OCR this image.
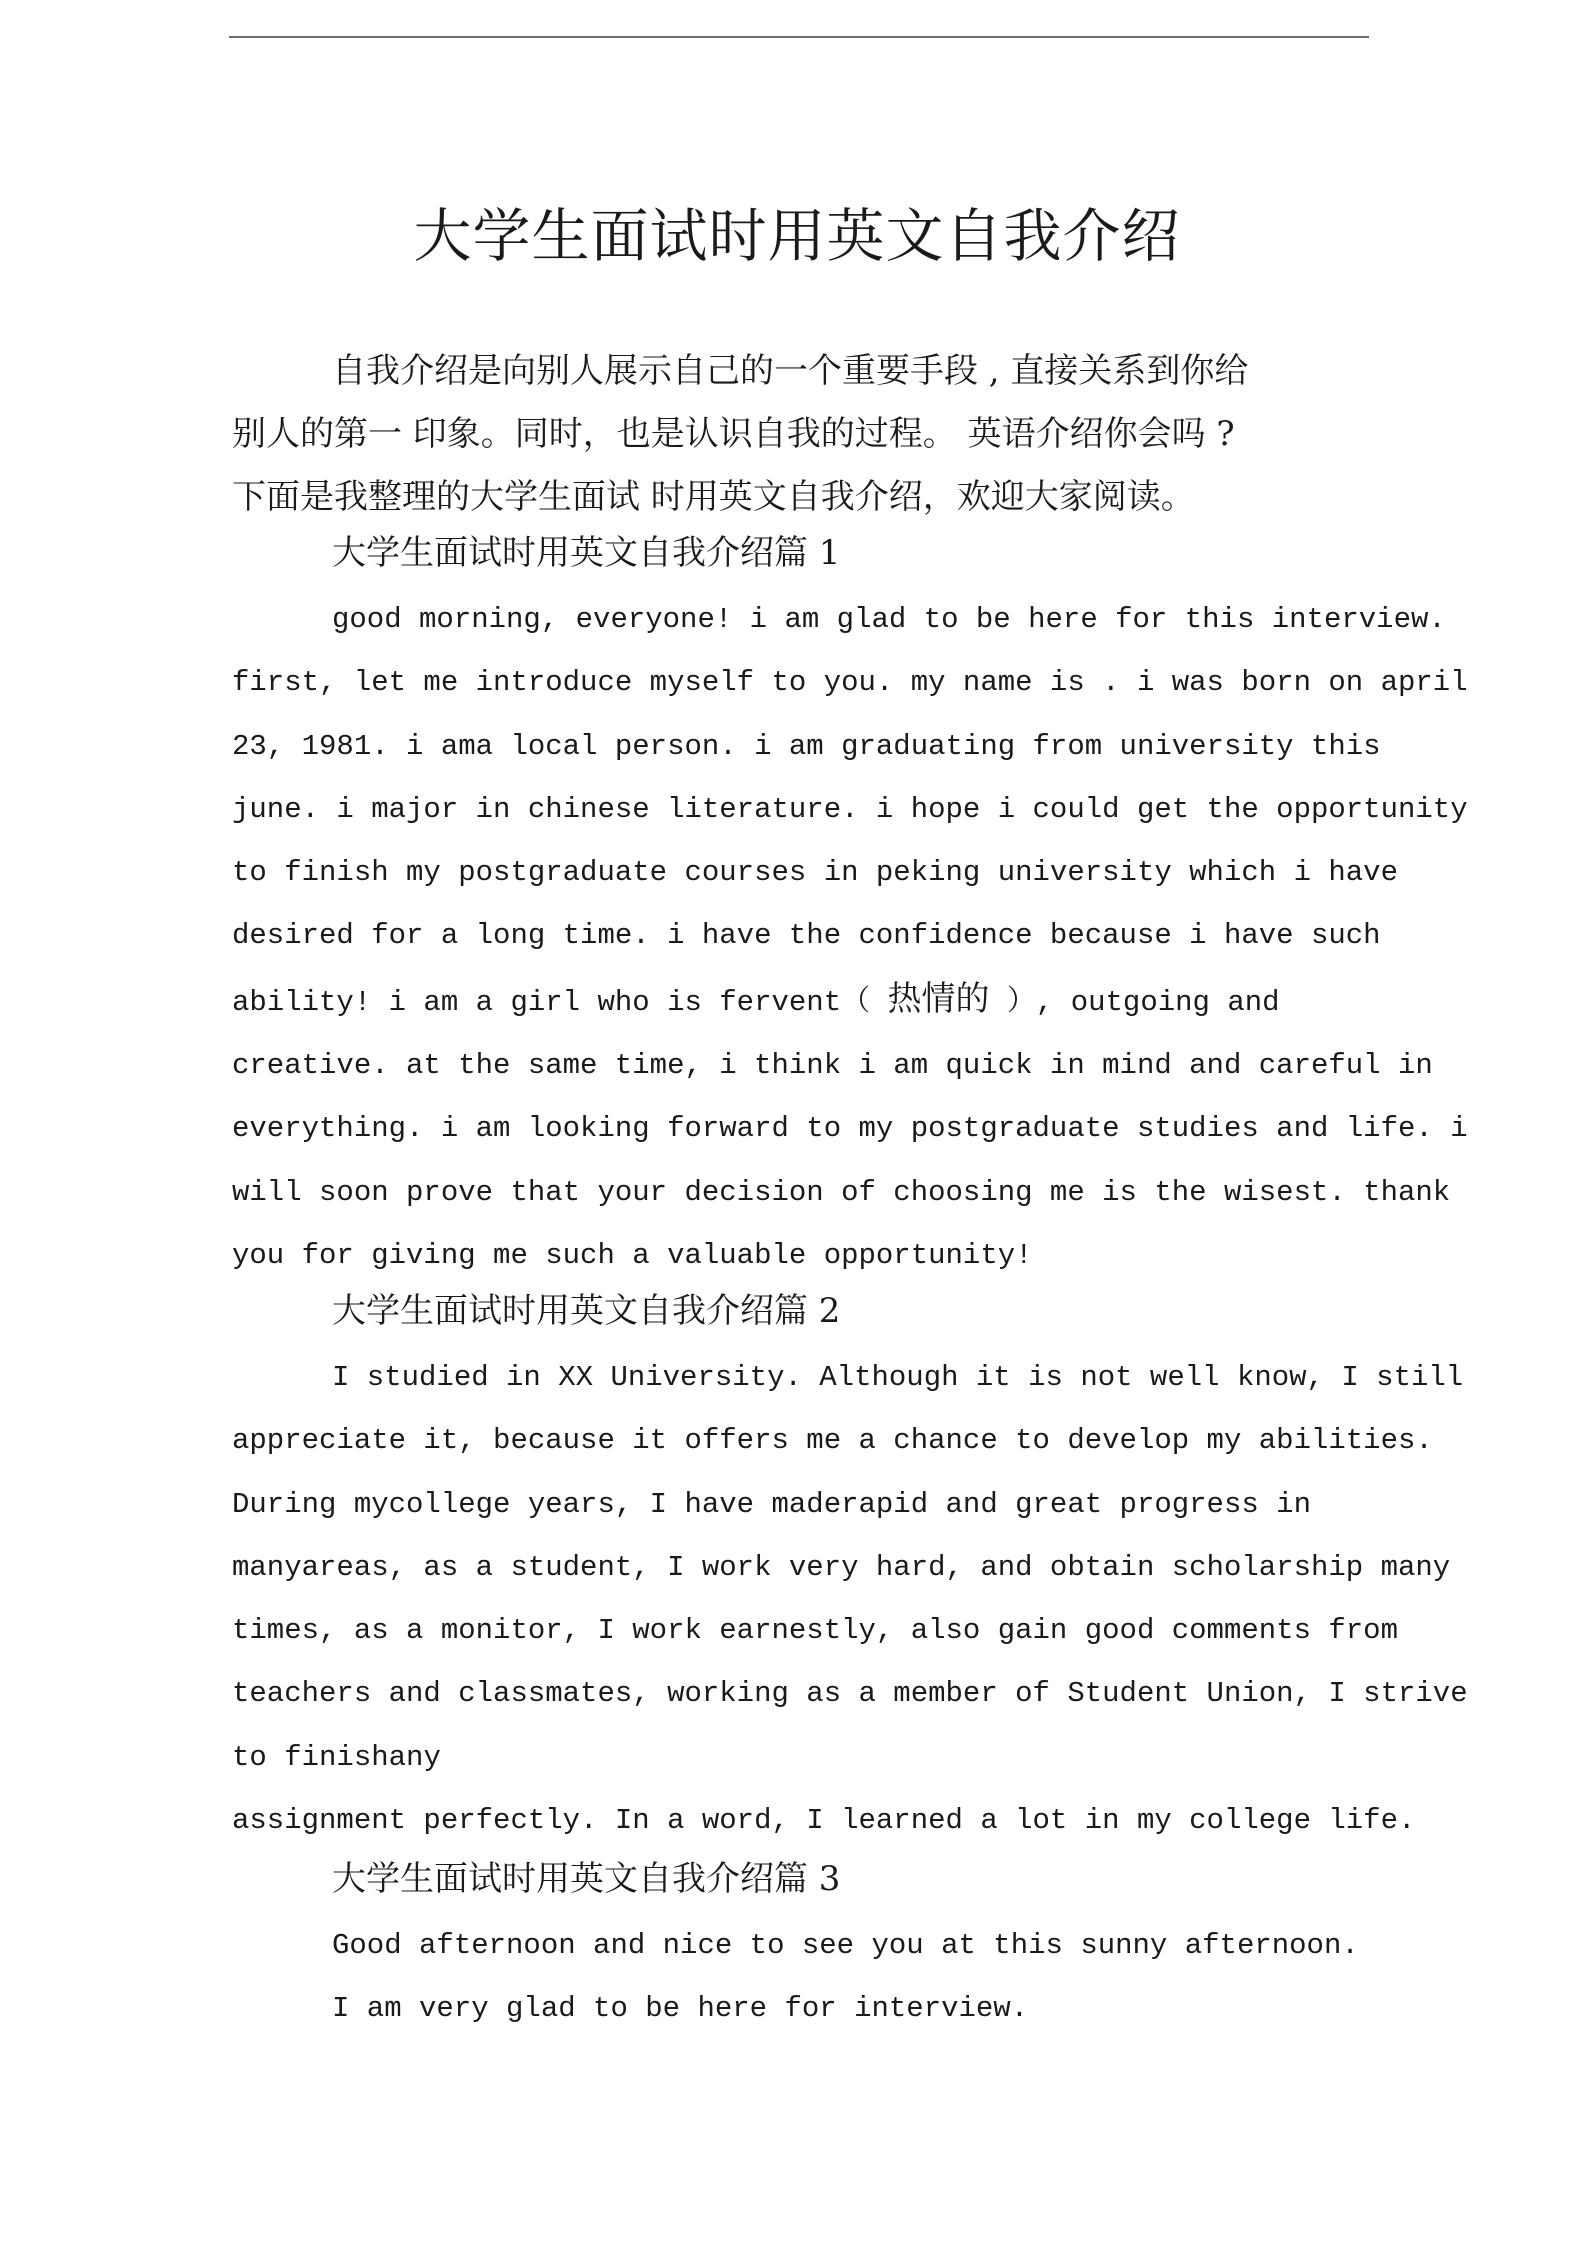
大学生面试时用英文自我介绍
自我介绍是向别人展示自己的一个重要手段 , 直接关系到你给
别人的第一 印象。同时，也是认识自我的过程。 英语介绍你会吗 ?
下面是我整理的大学生面试 时用英文自我介绍，欢迎大家阅读。
大学生面试时用英文自我介绍篇 1
good morning, everyone! i am glad to be here for this interview.
first, let me introduce myself to you. my name is . i was born on april
23, 1981. i ama local person. i am graduating from university this
june. i major in chinese literature. i hope i could get the opportunity
to finish my postgraduate courses in peking university which i have
desired for a long time. i have the confidence because i have such
ability! i am a girl who is fervent（ 热情的 ）, outgoing and
creative. at the same time, i think i am quick in mind and careful in
everything. i am looking forward to my postgraduate studies and life. i
will soon prove that your decision of choosing me is the wisest. thank
you for giving me such a valuable opportunity!
大学生面试时用英文自我介绍篇 2
I studied in XX University. Although it is not well know, I still
appreciate it, because it offers me a chance to develop my abilities.
During mycollege years, I have maderapid and great progress in
manyareas, as a student, I work very hard, and obtain scholarship many
times, as a monitor, I work earnestly, also gain good comments from
teachers and classmates, working as a member of Student Union, I strive
to finishany
assignment perfectly. In a word, I learned a lot in my college life.
大学生面试时用英文自我介绍篇 3
Good afternoon and nice to see you at this sunny afternoon.
I am very glad to be here for interview.
